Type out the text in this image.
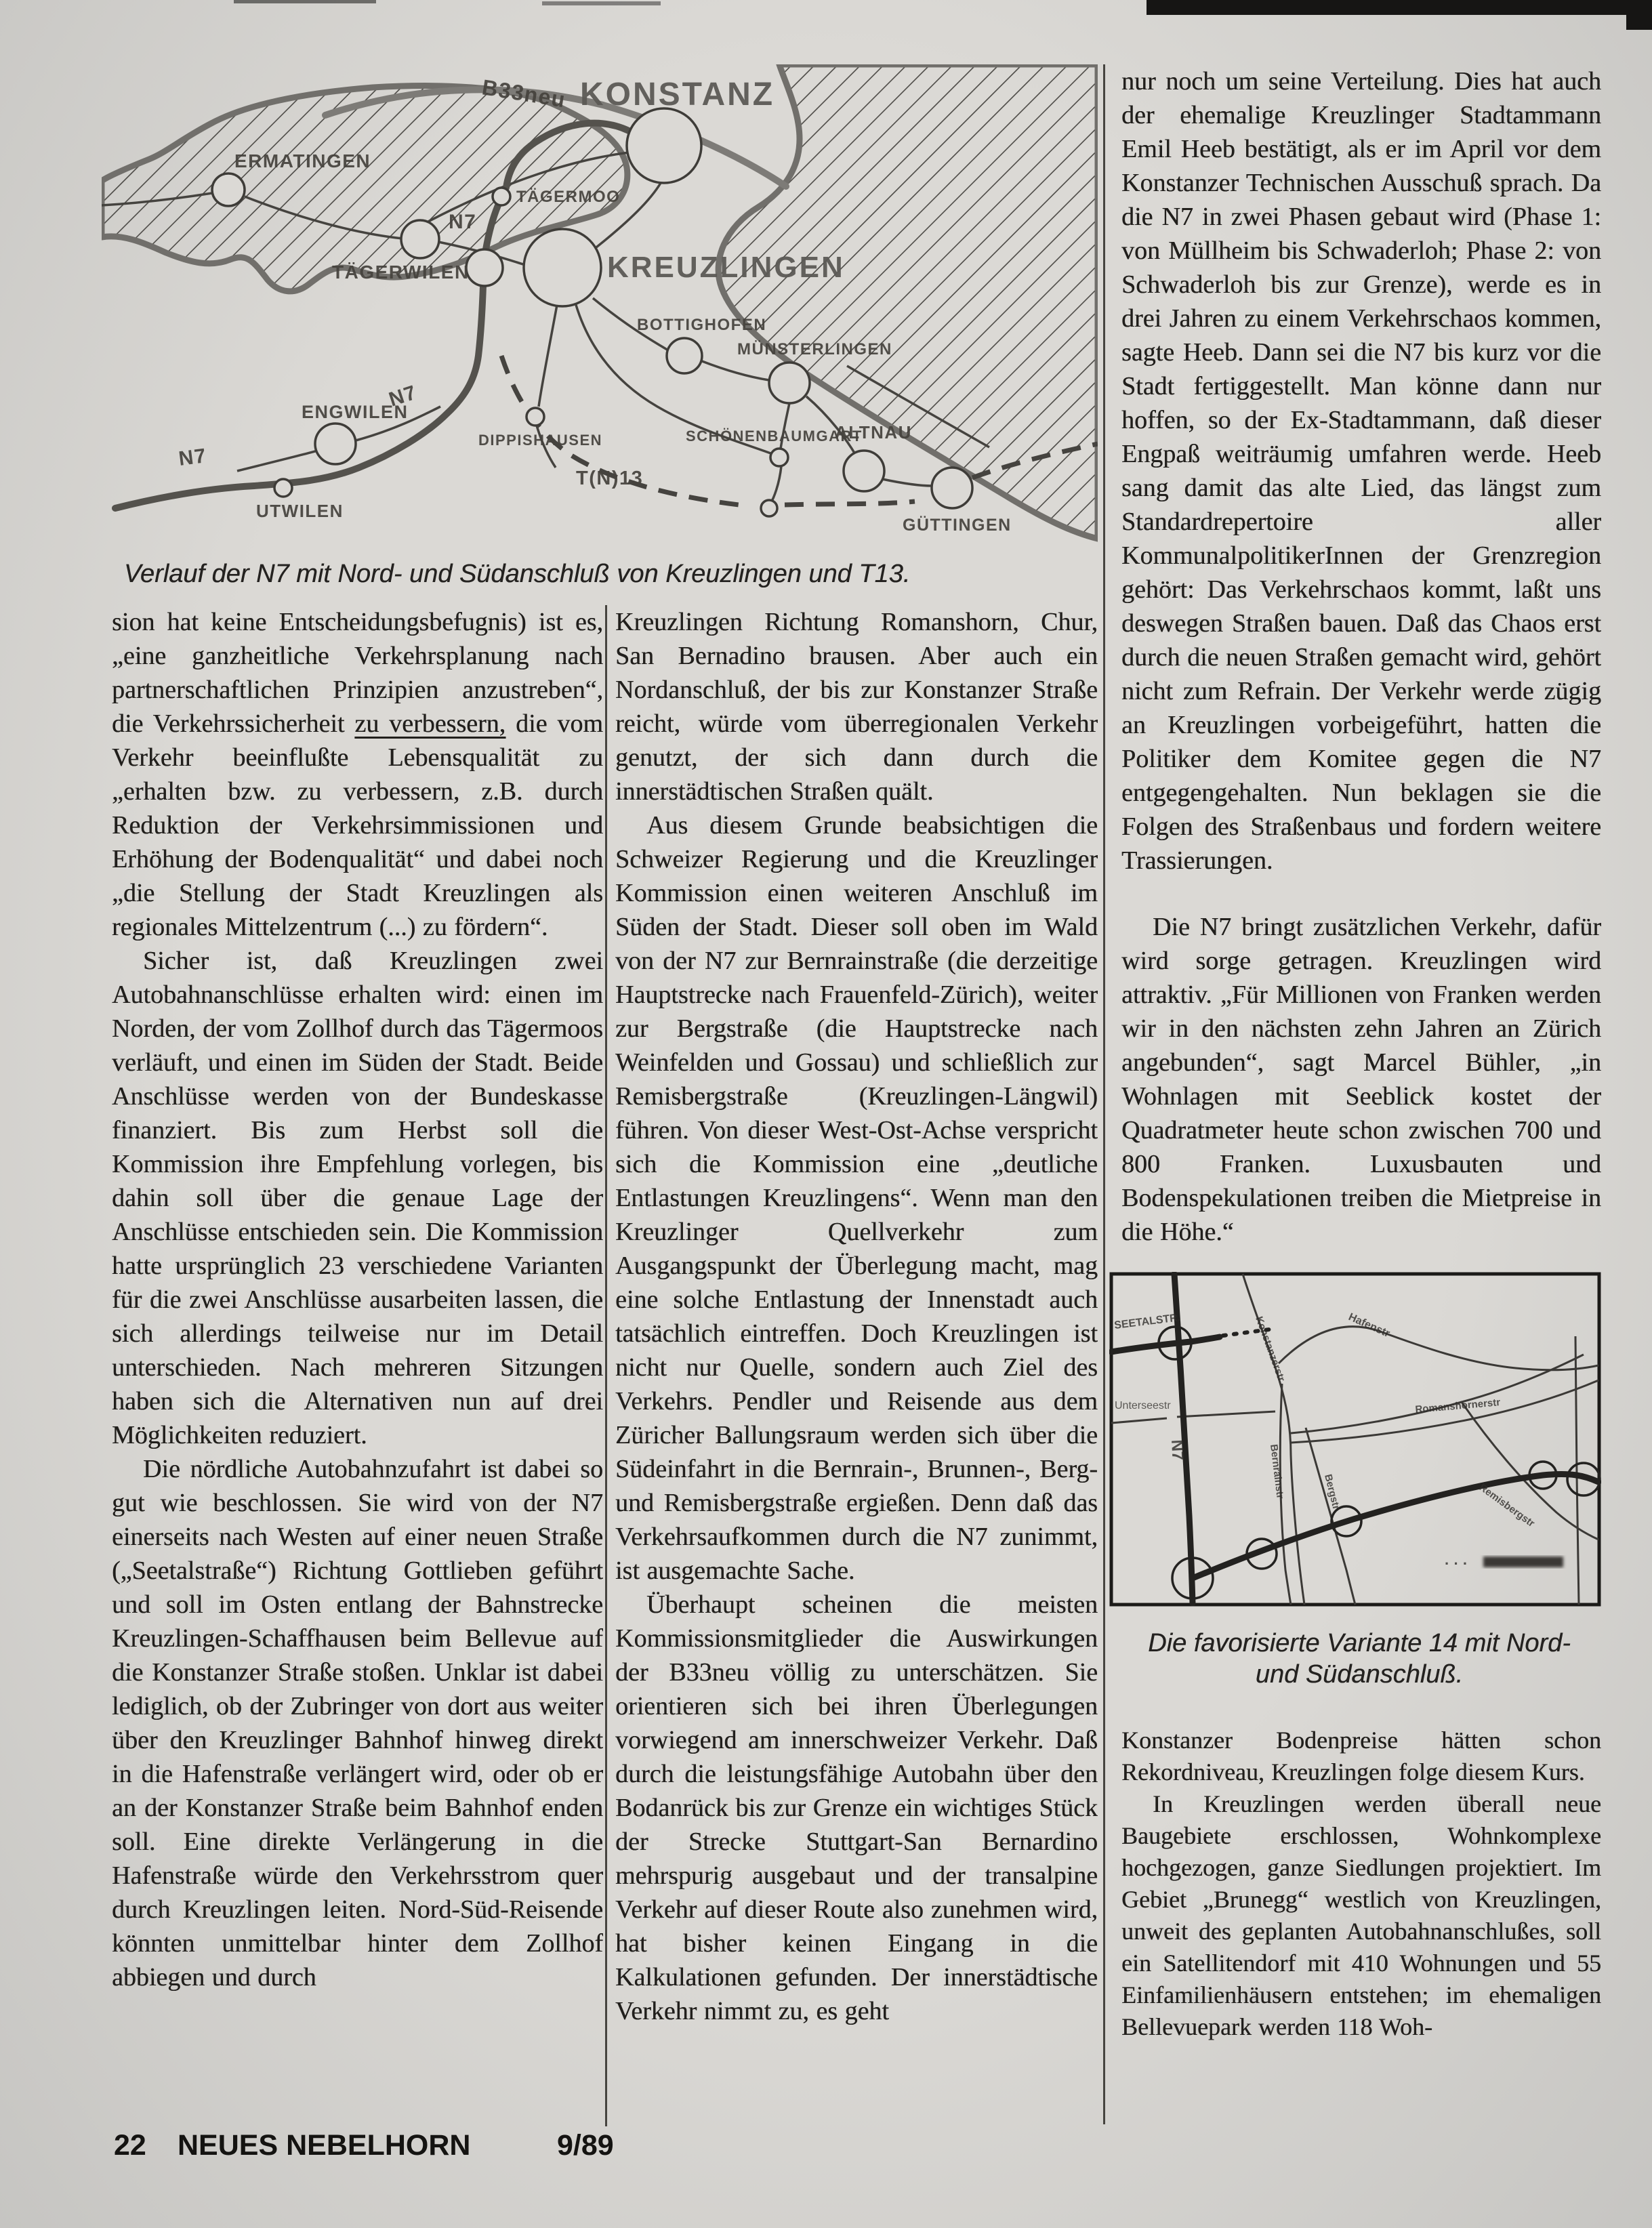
B33neu KONSTANZ
ERMATINGEN
TÄGERMOO
N7
KREUZLINGEN
TÄGERWILEN
BOTTIGHOFEN
MÜNSTERLINGEN
N7
ENGWILEN
DIPPISHAUSEN	SCHÖNENBAUMGART
ALTNAU
N7
T(N)13
UTWILEN
GÜTTINGEN
Verlauf der N7 mit Nord- und Südanschluß von Kreuzlingen und T13.

sion hat keine Entscheidungsbefugnis) ist es, „eine ganzheitliche Verkehrsplanung nach partnerschaftlichen Prinzipien anzustreben“, die Verkehrssicherheit zu verbessern, die vom Verkehr beeinflußte Lebensqualität zu „erhalten bzw. zu verbessern, z.B. durch Reduktion der Verkehrsimmissionen und Erhöhung der Bodenqualität“ und dabei noch „die Stellung der Stadt Kreuzlingen als regionales Mittelzentrum (...) zu fördern“.

Sicher ist, daß Kreuzlingen zwei Autobahnanschlüsse erhalten wird: einen im Norden, der vom Zollhof durch das Tägermoos verläuft, und einen im Süden der Stadt. Beide Anschlüsse werden von der Bundeskasse finanziert. Bis zum Herbst soll die Kommission ihre Empfehlung vorlegen, bis dahin soll über die genaue Lage der Anschlüsse entschieden sein. Die Kommission hatte ursprünglich 23 verschiedene Varianten für die zwei Anschlüsse ausarbeiten lassen, die sich allerdings teilweise nur im Detail unterschieden. Nach mehreren Sitzungen haben sich die Alternativen nun auf drei Möglichkeiten reduziert.

Die nördliche Autobahnzufahrt ist dabei so gut wie beschlossen. Sie wird von der N7 einerseits nach Westen auf einer neuen Straße („Seetalstraße“) Richtung Gottlieben geführt und soll im Osten entlang der Bahnstrecke Kreuzlingen-Schaffhausen beim Bellevue auf die Konstanzer Straße stoßen. Unklar ist dabei lediglich, ob der Zubringer von dort aus weiter über den Kreuzlinger Bahnhof hinweg direkt in die Hafenstraße verlängert wird, oder ob er an der Konstanzer Straße beim Bahnhof enden soll. Eine direkte Verlängerung in die Hafenstraße würde den Verkehrsstrom quer durch Kreuzlingen leiten. Nord-Süd-Reisende könnten unmittelbar hinter dem Zollhof abbiegen und durch

Kreuzlingen Richtung Romanshorn, Chur, San Bernadino brausen. Aber auch ein Nordanschluß, der bis zur Konstanzer Straße reicht, würde vom überregionalen Verkehr genutzt, der sich dann durch die innerstädtischen Straßen quält.

Aus diesem Grunde beabsichtigen die Schweizer Regierung und die Kreuzlinger Kommission einen weiteren Anschluß im Süden der Stadt. Dieser soll oben im Wald von der N7 zur Bernrainstraße (die derzeitige Hauptstrecke nach Frauenfeld-Zürich), weiter zur Bergstraße (die Hauptstrecke nach Weinfelden und Gossau) und schließlich zur Remisbergstraße (Kreuzlingen-Längwil) führen. Von dieser West-Ost-Achse verspricht sich die Kommission eine „deutliche Entlastungen Kreuzlingens“. Wenn man den Kreuzlinger Quellverkehr zum Ausgangspunkt der Überlegung macht, mag eine solche Entlastung der Innenstadt auch tatsächlich eintreffen. Doch Kreuzlingen ist nicht nur Quelle, sondern auch Ziel des Verkehrs. Pendler und Reisende aus dem Züricher Ballungsraum werden sich über die Südeinfahrt in die Bernrain-, Brunnen-, Berg- und Remisbergstraße ergießen. Denn daß das Verkehrsaufkommen durch die N7 zunimmt, ist ausgemachte Sache.

Überhaupt scheinen die meisten Kommissionsmitglieder die Auswirkungen der B33neu völlig zu unterschätzen. Sie orientieren sich bei ihren Überlegungen vorwiegend am innerschweizer Verkehr. Daß durch die leistungsfähige Autobahn über den Bodanrück bis zur Grenze ein wichtiges Stück der Strecke Stuttgart-San Bernardino mehrspurig ausgebaut und der transalpine Verkehr auf dieser Route also zunehmen wird, hat bisher keinen Eingang in die Kalkulationen gefunden. Der innerstädtische Verkehr nimmt zu, es geht

nur noch um seine Verteilung. Dies hat auch der ehemalige Kreuzlinger Stadtammann Emil Heeb bestätigt, als er im April vor dem Konstanzer Technischen Ausschuß sprach. Da die N7 in zwei Phasen gebaut wird (Phase 1: von Müllheim bis Schwaderloh; Phase 2: von Schwaderloh bis zur Grenze), werde es in drei Jahren zu einem Verkehrschaos kommen, sagte Heeb. Dann sei die N7 bis kurz vor die Stadt fertiggestellt. Man könne dann nur hoffen, so der Ex-Stadtammann, daß dieser Engpaß weiträumig umfahren werde. Heeb sang damit das alte Lied, das längst zum Standardrepertoire aller KommunalpolitikerInnen der Grenzregion gehört: Das Verkehrschaos kommt, laßt uns deswegen Straßen bauen. Daß das Chaos erst durch die neuen Straßen gemacht wird, gehört nicht zum Refrain. Der Verkehr werde zügig an Kreuzlingen vorbeigeführt, hatten die Politiker dem Komitee gegen die N7 entgegengehalten. Nun beklagen sie die Folgen des Straßenbaus und fordern weitere Trassierungen.

Die N7 bringt zusätzlichen Verkehr, dafür wird sorge getragen. Kreuzlingen wird attraktiv. „Für Millionen von Franken werden wir in den nächsten zehn Jahren an Zürich angebunden“, sagt Marcel Bühler, „in Wohnlagen mit Seeblick kostet der Quadratmeter heute schon zwischen 700 und 800 Franken. Luxusbauten und Bodenspekulationen treiben die Mietpreise in die Höhe.“

· · ·
SEETALSTR.
Unterseestr
N7
Konstanzerstr	Hafenstr
Romanshornerstr
Bernrainstr	Bergstr	Remisbergstr
Die favorisierte Variante 14 mit Nord-
und Südanschluß.

Konstanzer Bodenpreise hätten schon Rekordniveau, Kreuzlingen folge diesem Kurs.

In Kreuzlingen werden überall neue Baugebiete erschlossen, Wohnkomplexe hochgezogen, ganze Siedlungen projektiert. Im Gebiet „Brunegg“ westlich von Kreuzlingen, unweit des geplanten Autobahnanschlußes, soll ein Satellitendorf mit 410 Wohnungen und 55 Einfamilienhäusern entstehen; im ehemaligen Bellevuepark werden 118 Woh-

22 NEUES NEBELHORN	9/89
